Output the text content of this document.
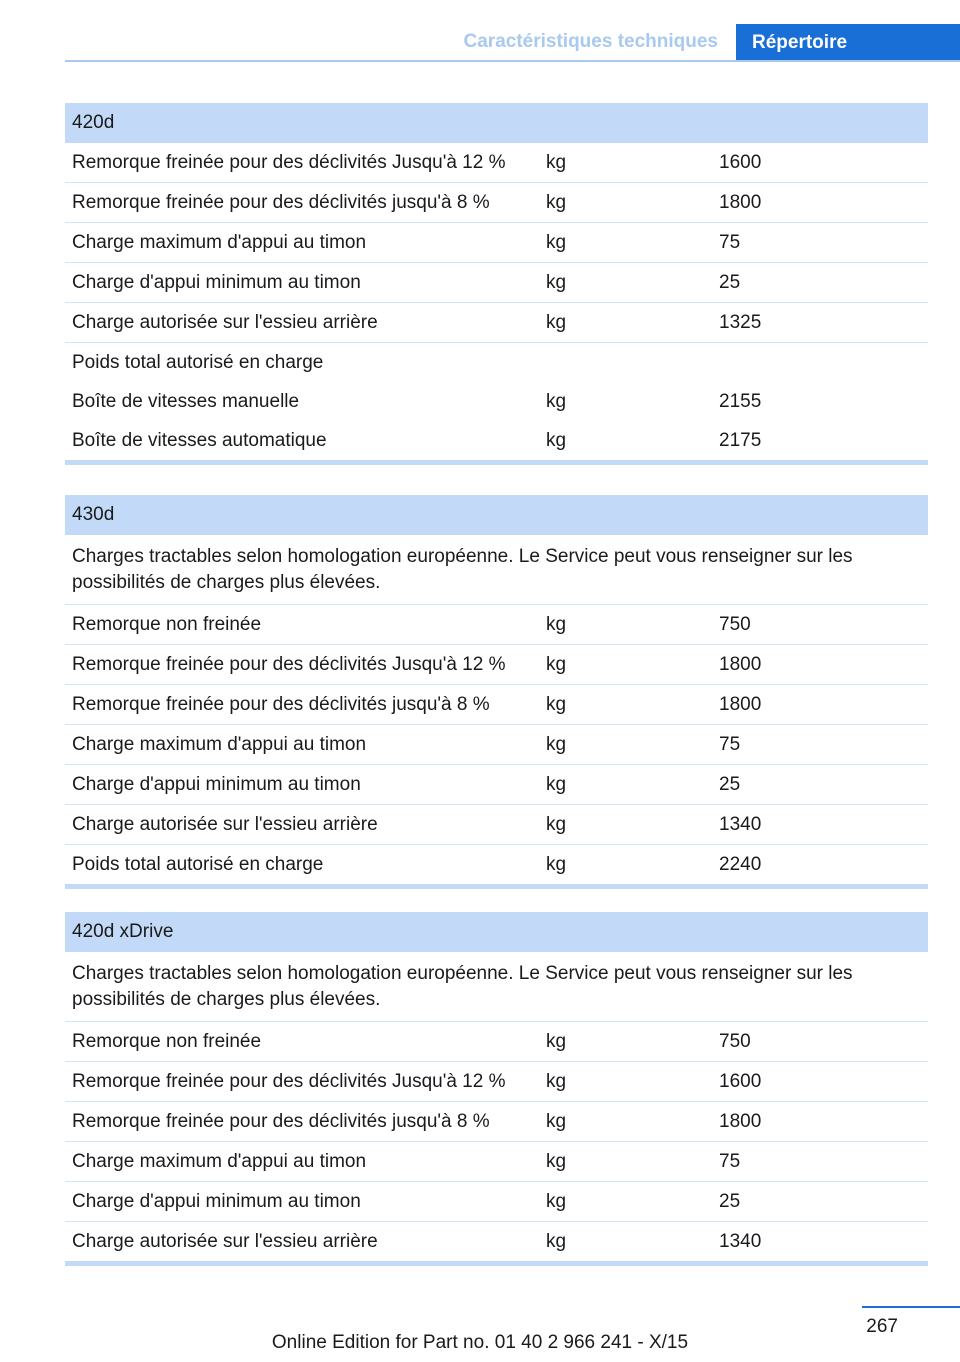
Caractéristiques techniques	Répertoire
420d
Remorque freinée pour des déclivités Jusqu'à 12 %	kg	1600
Remorque freinée pour des déclivités jusqu'à 8 %	kg	1800
Charge maximum d'appui au timon	kg	75
Charge d'appui minimum au timon	kg	25
Charge autorisée sur l'essieu arrière	kg	1325
Poids total autorisé en charge
Boîte de vitesses manuelle	kg	2155
Boîte de vitesses automatique	kg	2175
430d
Charges tractables selon homologation européenne. Le Service peut vous renseigner sur les possibilités de charges plus élevées.
Remorque non freinée	kg	750
Remorque freinée pour des déclivités Jusqu'à 12 %	kg	1800
Remorque freinée pour des déclivités jusqu'à 8 %	kg	1800
Charge maximum d'appui au timon	kg	75
Charge d'appui minimum au timon	kg	25
Charge autorisée sur l'essieu arrière	kg	1340
Poids total autorisé en charge	kg	2240
420d xDrive
Charges tractables selon homologation européenne. Le Service peut vous renseigner sur les possibilités de charges plus élevées.
Remorque non freinée	kg	750
Remorque freinée pour des déclivités Jusqu'à 12 %	kg	1600
Remorque freinée pour des déclivités jusqu'à 8 %	kg	1800
Charge maximum d'appui au timon	kg	75
Charge d'appui minimum au timon	kg	25
Charge autorisée sur l'essieu arrière	kg	1340
267
Online Edition for Part no. 01 40 2 966 241 - X/15
